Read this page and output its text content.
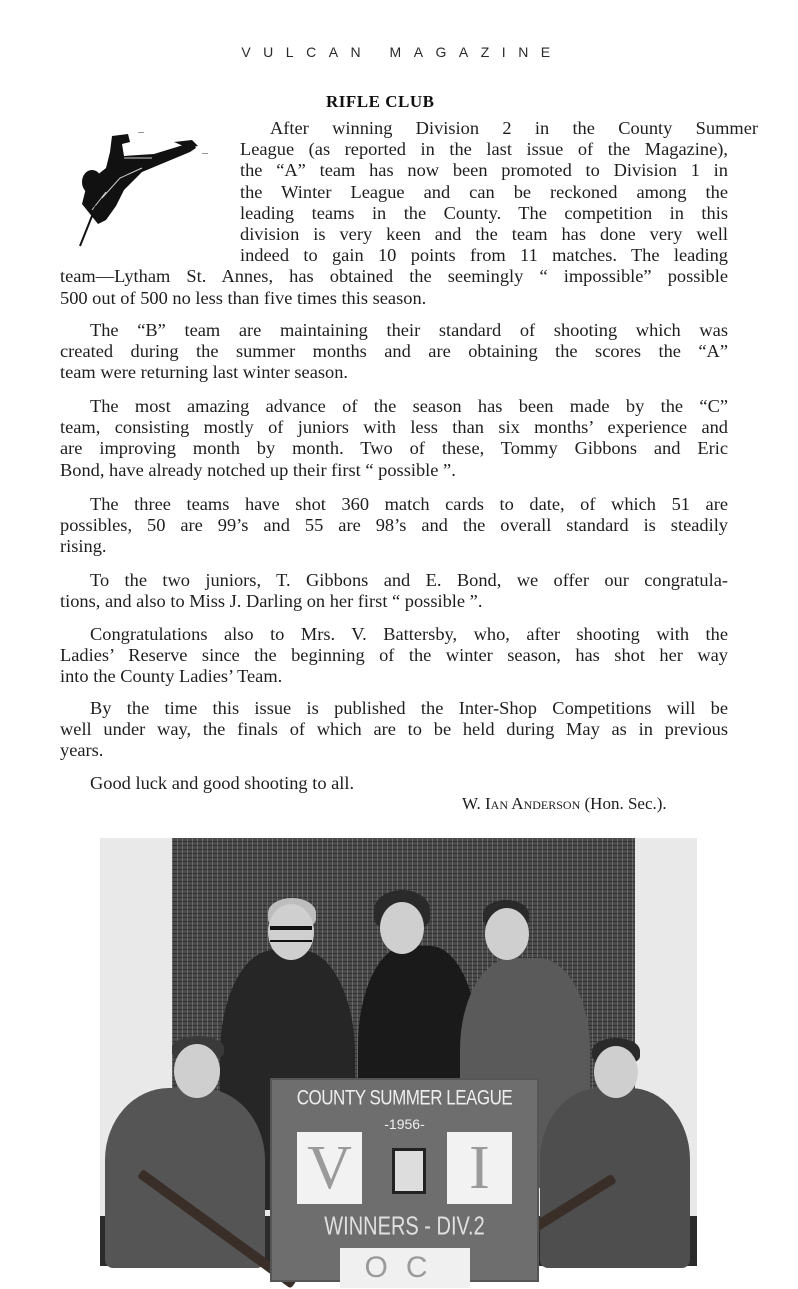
VULCAN MAGAZINE
RIFLE CLUB
After winning Division 2 in the County Summer
League (as reported in the last issue of the Magazine),
the “A” team has now been promoted to Division 1 in
the Winter League and can be reckoned among the
leading teams in the County. The competition in this
division is very keen and the team has done very well
indeed to gain 10 points from 11 matches. The leading
team—Lytham St. Annes, has obtained the seemingly “ impossible” possible
500 out of 500 no less than five times this season.
The “B” team are maintaining their standard of shooting which was
created during the summer months and are obtaining the scores the “A”
team were returning last winter season.
The most amazing advance of the season has been made by the “C”
team, consisting mostly of juniors with less than six months’ experience and
are improving month by month. Two of these, Tommy Gibbons and Eric
Bond, have already notched up their first “ possible ”.
The three teams have shot 360 match cards to date, of which 51 are
possibles, 50 are 99’s and 55 are 98’s and the overall standard is steadily
rising.
To the two juniors, T. Gibbons and E. Bond, we offer our congratula-
tions, and also to Miss J. Darling on her first “ possible ”.
Congratulations also to Mrs. V. Battersby, who, after shooting with the
Ladies’ Reserve since the beginning of the winter season, has shot her way
into the County Ladies’ Team.
By the time this issue is published the Inter-Shop Competitions will be
well under way, the finals of which are to be held during May as in previous
years.
Good luck and good shooting to all.
W. Ian Anderson (Hon. Sec.).
COUNTY SUMMER LEAGUE
V
-1956-
I
WINNERS - DIV.2
OC
